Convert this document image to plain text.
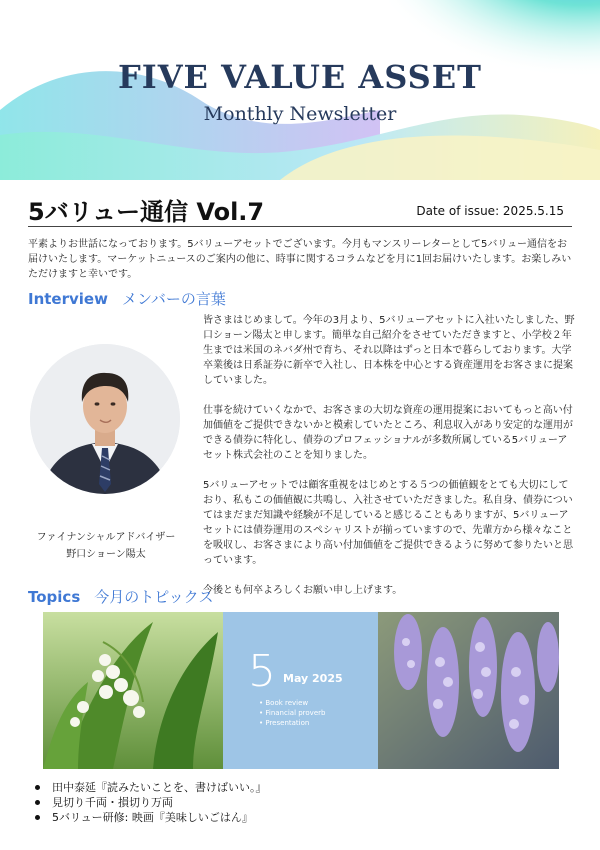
FIVE VALUE ASSET
Monthly Newsletter
5バリュー通信 Vol.7	Date of issue: 2025.5.15
平素よりお世話になっております。5バリューアセットでございます。今月もマンスリーレターとして5バリュー通信をお届けいたします。マーケットニュースのご案内の他に、時事に関するコラムなどを月に1回お届けいたします。お楽しみいただけますと幸いです。
Interview メンバーの言葉
ファイナンシャルアドバイザー
野口ショーン陽太

皆さまはじめまして。今年の3月より、5バリューアセットに入社いたしました、野口ショーン陽太と申します。簡単な自己紹介をさせていただきますと、小学校２年生までは米国のネバダ州で育ち、それ以降はずっと日本で暮らしております。大学卒業後は日系証券に新卒で入社し、日本株を中心とする資産運用をお客さまに提案していました。

仕事を続けていくなかで、お客さまの大切な資産の運用提案においてもっと高い付加価値をご提供できないかと模索していたところ、利息収入があり安定的な運用ができる債券に特化し、債券のプロフェッショナルが多数所属している5バリューアセット株式会社のことを知りました。

5バリューアセットでは顧客重視をはじめとする５つの価値観をとても大切にしており、私もこの価値観に共鳴し、入社させていただきました。私自身、債券についてはまだまだ知識や経験が不足していると感じることもありますが、5バリューアセットには債券運用のスペシャリストが揃っていますので、先輩方から様々なことを吸収し、お客さまにより高い付加価値をご提供できるように努めて参りたいと思っています。

今後とも何卒よろしくお願い申し上げます。

Topics 今月のトピックス
5 May 2025
• Book review
• Financial proverb
• Presentation
田中泰延『読みたいことを、書けばいい。』
見切り千両・損切り万両
5バリュー研修: 映画『美味しいごはん』
